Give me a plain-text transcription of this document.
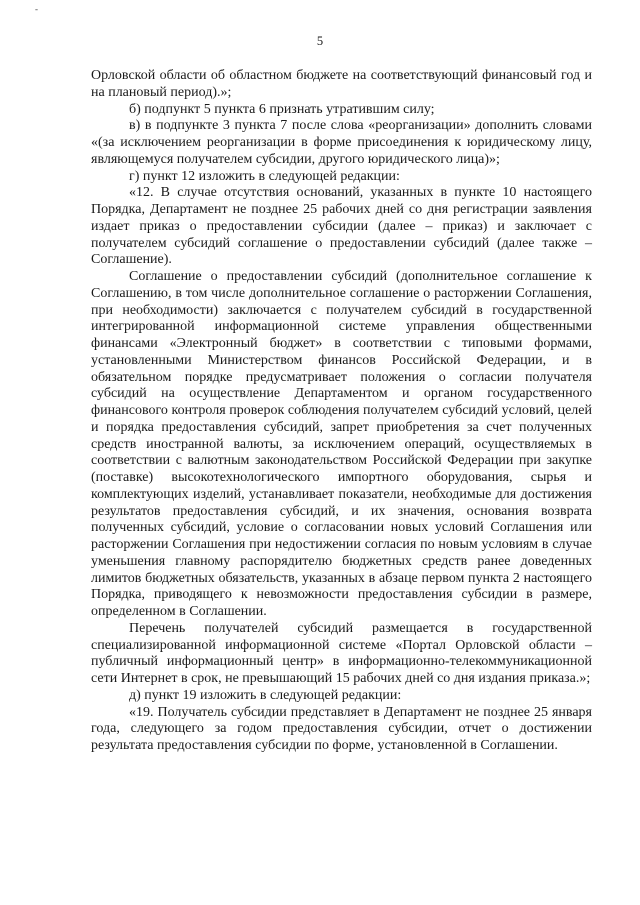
-
5

Орловской области об областном бюджете на соответствующий финансовый год и на плановый период).»;

б) подпункт 5 пункта 6 признать утратившим силу;

в) в подпункте 3 пункта 7 после слова «реорганизации» дополнить словами «(за исключением реорганизации в форме присоединения к юридическому лицу, являющемуся получателем субсидии, другого юридического лица)»;

г) пункт 12 изложить в следующей редакции:

«12. В случае отсутствия оснований, указанных в пункте 10 настоящего Порядка, Департамент не позднее 25 рабочих дней со дня регистрации заявления издает приказ о предоставлении субсидии (далее – приказ) и заключает с получателем субсидий соглашение о предоставлении субсидий (далее также – Соглашение).

Соглашение о предоставлении субсидий (дополнительное соглашение к Соглашению, в том числе дополнительное соглашение о расторжении Соглашения, при необходимости) заключается с получателем субсидий в государственной интегрированной информационной системе управления общественными финансами «Электронный бюджет» в соответствии с типовыми формами, установленными Министерством финансов Российской Федерации, и в обязательном порядке предусматривает положения о согласии получателя субсидий на осуществление Департаментом и органом государственного финансового контроля проверок соблюдения получателем субсидий условий, целей и порядка предоставления субсидий, запрет приобретения за счет полученных средств иностранной валюты, за исключением операций, осуществляемых в соответствии с валютным законодательством Российской Федерации при закупке (поставке) высокотехнологического импортного оборудования, сырья и комплектующих изделий, устанавливает показатели, необходимые для достижения результатов предоставления субсидий, и их значения, основания возврата полученных субсидий, условие о согласовании новых условий Соглашения или расторжении Соглашения при недостижении согласия по новым условиям в случае уменьшения главному распорядителю бюджетных средств ранее доведенных лимитов бюджетных обязательств, указанных в абзаце первом пункта 2 настоящего Порядка, приводящего к невозможности предоставления субсидии в размере, определенном в Соглашении.

Перечень получателей субсидий размещается в государственной специализированной информационной системе «Портал Орловской области – публичный информационный центр» в информационно-телекоммуникационной сети Интернет в срок, не превышающий 15 рабочих дней со дня издания приказа.»;

д) пункт 19 изложить в следующей редакции:

«19. Получатель субсидии представляет в Департамент не позднее 25 января года, следующего за годом предоставления субсидии, отчет о достижении результата предоставления субсидии по форме, установленной в Соглашении.
